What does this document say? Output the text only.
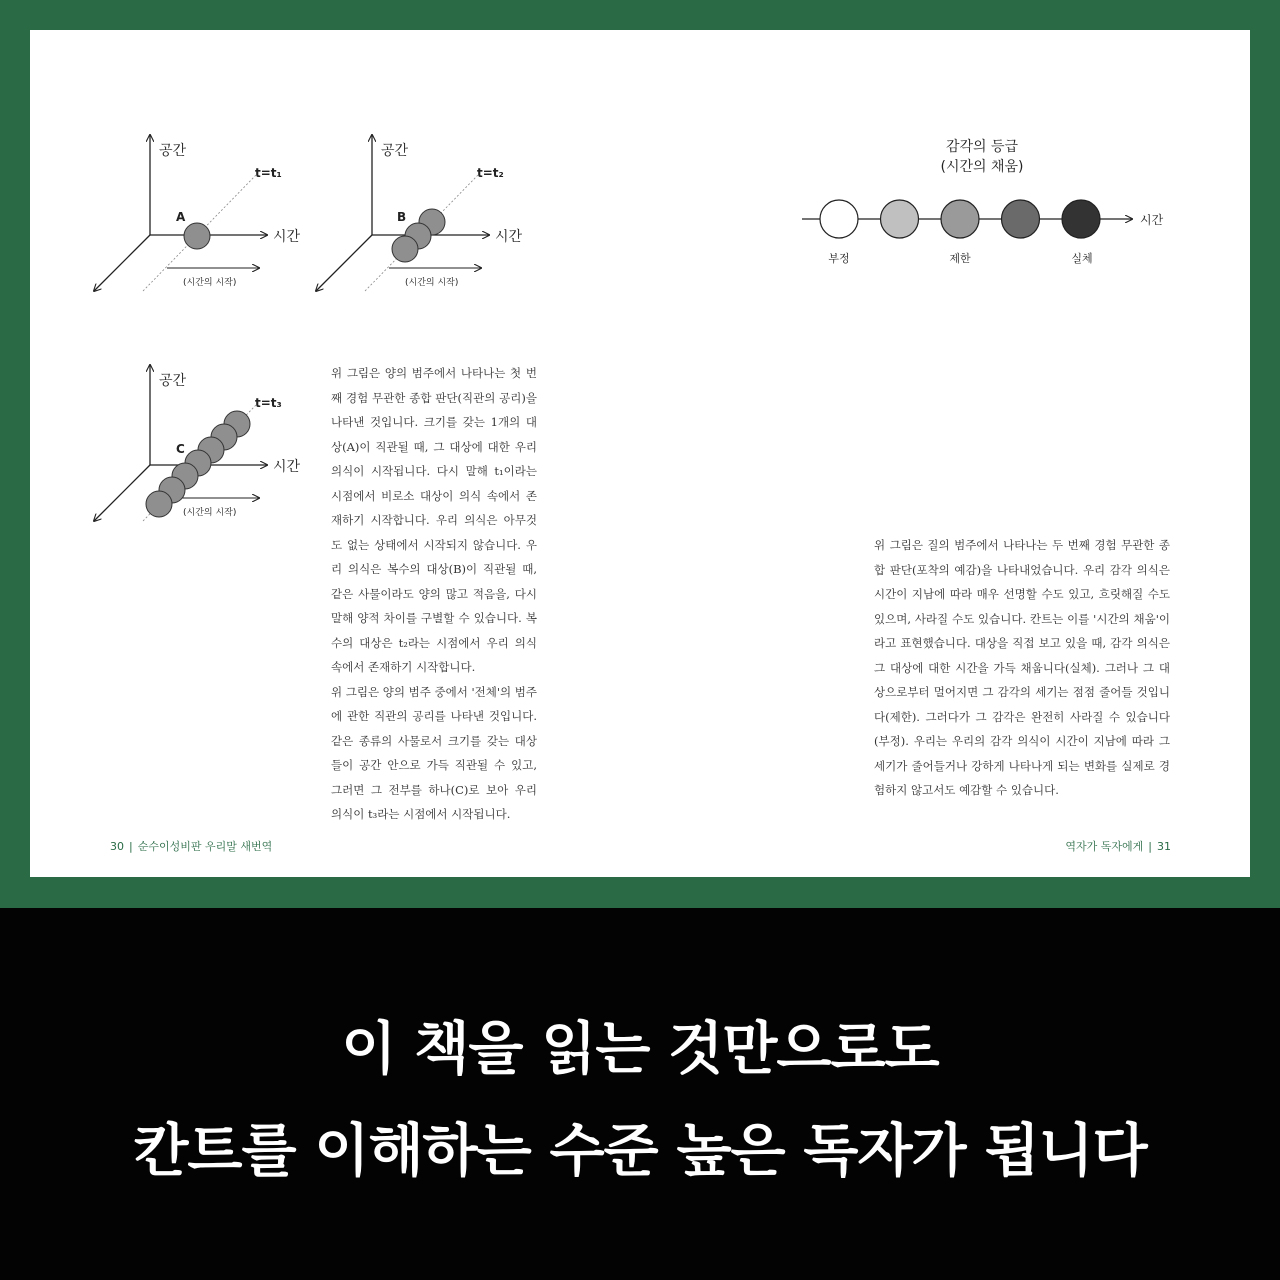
공간
시간
t=t₁
A
(시간의 시작)
공간
시간
t=t₂
B
(시간의 시작)
공간
시간
t=t₃
C
(시간의 시작)
감각의 등급
(시간의 채움)
시간
부정	제한	실체

위 그림은 양의 범주에서 나타나는 첫 번째 경험 무관한 종합 판단(직관의 공리)을 나타낸 것입니다. 크기를 갖는 1개의 대상(A)이 직관될 때, 그 대상에 대한 우리 의식이 시작됩니다. 다시 말해 t₁이라는 시점에서 비로소 대상이 의식 속에서 존재하기 시작합니다. 우리 의식은 아무것도 없는 상태에서 시작되지 않습니다. 우리 의식은 복수의 대상(B)이 직관될 때, 같은 사물이라도 양의 많고 적음을, 다시 말해 양적 차이를 구별할 수 있습니다. 복수의 대상은 t₂라는 시점에서 우리 의식 속에서 존재하기 시작합니다.

위 그림은 양의 범주 중에서 '전체'의 범주에 관한 직관의 공리를 나타낸 것입니다. 같은 종류의 사물로서 크기를 갖는 대상들이 공간 안으로 가득 직관될 수 있고, 그러면 그 전부를 하나(C)로 보아 우리 의식이 t₃라는 시점에서 시작됩니다.

위 그림은 질의 범주에서 나타나는 두 번째 경험 무관한 종합 판단(포착의 예감)을 나타내었습니다. 우리 감각 의식은 시간이 지남에 따라 매우 선명할 수도 있고, 흐릿해질 수도 있으며, 사라질 수도 있습니다. 칸트는 이를 '시간의 채움'이라고 표현했습니다. 대상을 직접 보고 있을 때, 감각 의식은 그 대상에 대한 시간을 가득 채웁니다(실체). 그러나 그 대상으로부터 멀어지면 그 감각의 세기는 점점 줄어들 것입니다(제한). 그러다가 그 감각은 완전히 사라질 수 있습니다(부정). 우리는 우리의 감각 의식이 시간이 지남에 따라 그 세기가 줄어들거나 강하게 나타나게 되는 변화를 실제로 경험하지 않고서도 예감할 수 있습니다.

30 | 순수이성비판 우리말 새번역	역자가 독자에게 | 31
이 책을 읽는 것만으로도
칸트를 이해하는 수준 높은 독자가 됩니다
